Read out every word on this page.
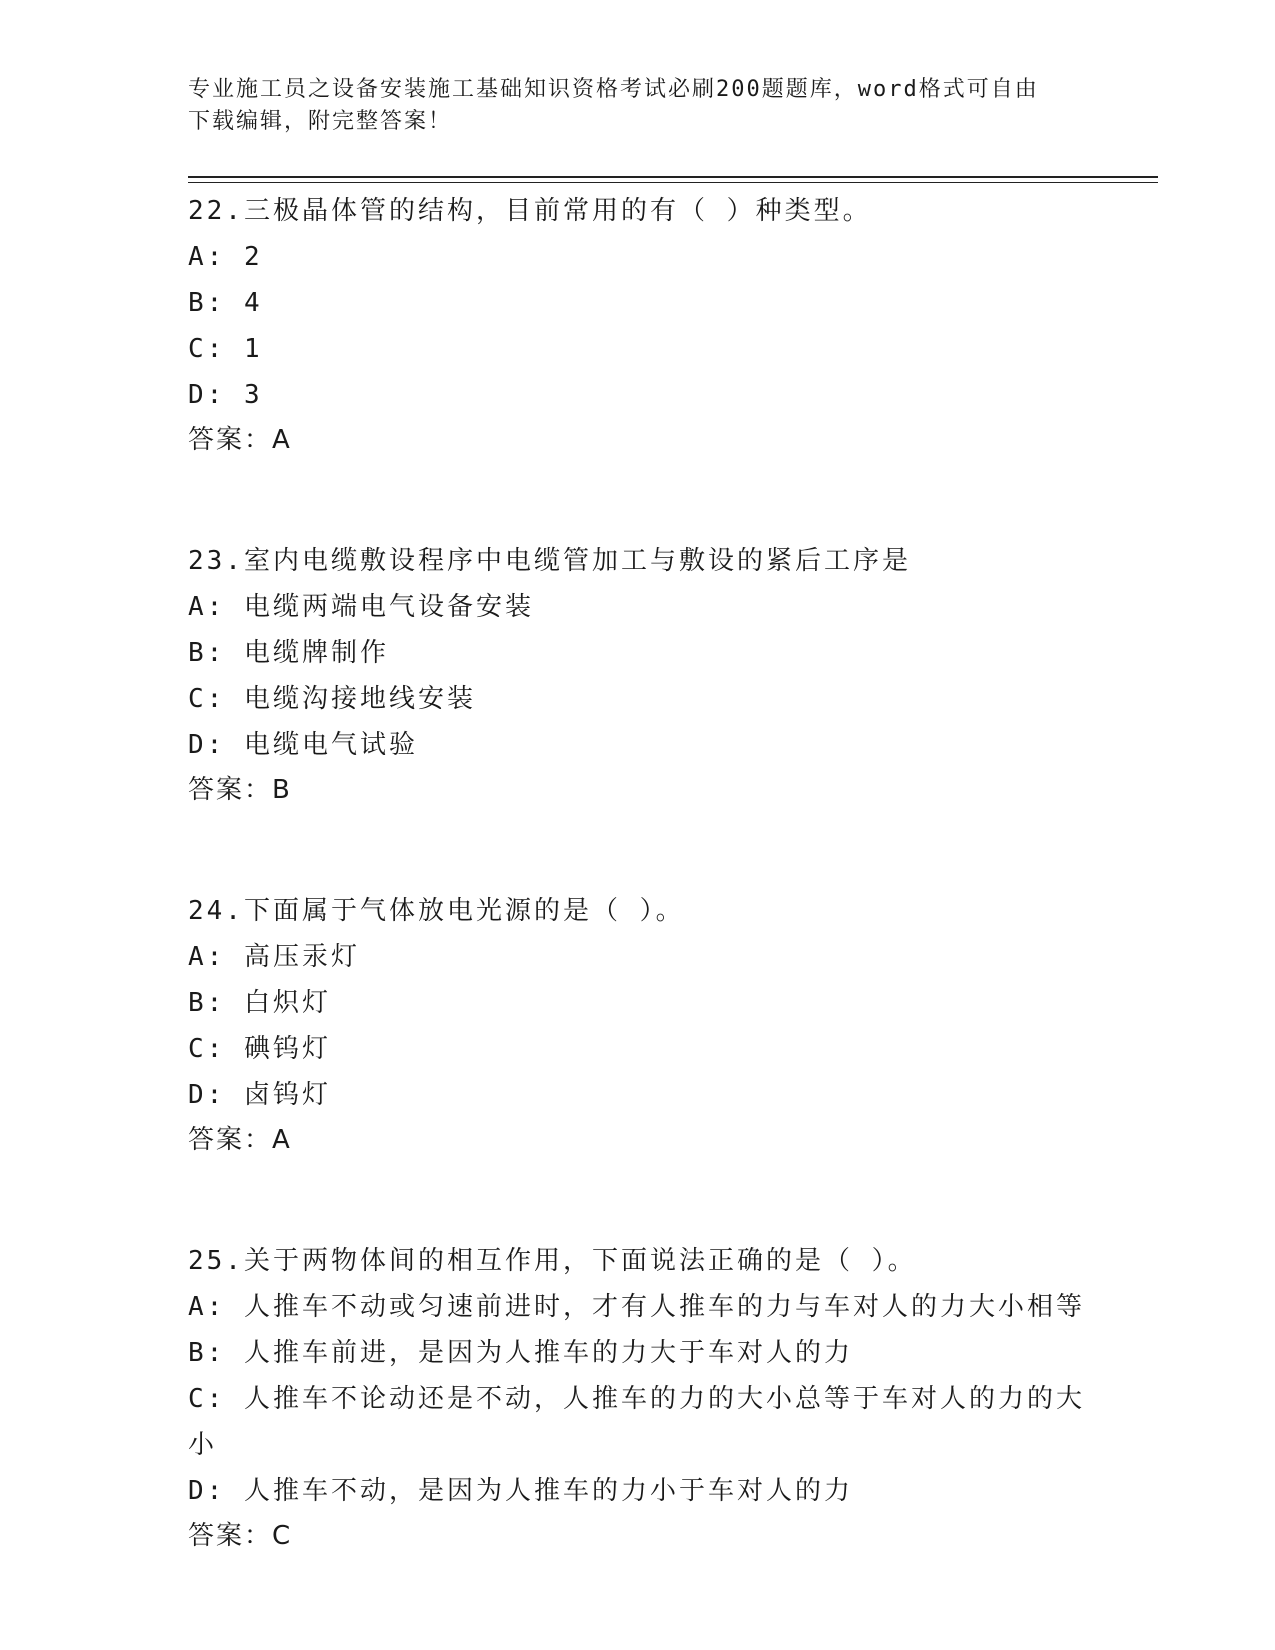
专业施工员之设备安装施工基础知识资格考试必刷200题题库，word格式可自由
下载编辑，附完整答案！
22.三极晶体管的结构，目前常用的有（ ）种类型。
A: 2
B: 4
C: 1
D: 3
答案：A
23.室内电缆敷设程序中电缆管加工与敷设的紧后工序是
A: 电缆两端电气设备安装
B: 电缆牌制作
C: 电缆沟接地线安装
D: 电缆电气试验
答案：B
24.下面属于气体放电光源的是（ ）。
A: 高压汞灯
B: 白炽灯
C: 碘钨灯
D: 卤钨灯
答案：A
25.关于两物体间的相互作用，下面说法正确的是（ ）。
A: 人推车不动或匀速前进时，才有人推车的力与车对人的力大小相等
B: 人推车前进，是因为人推车的力大于车对人的力
C: 人推车不论动还是不动，人推车的力的大小总等于车对人的力的大
小
D: 人推车不动，是因为人推车的力小于车对人的力
答案：C
